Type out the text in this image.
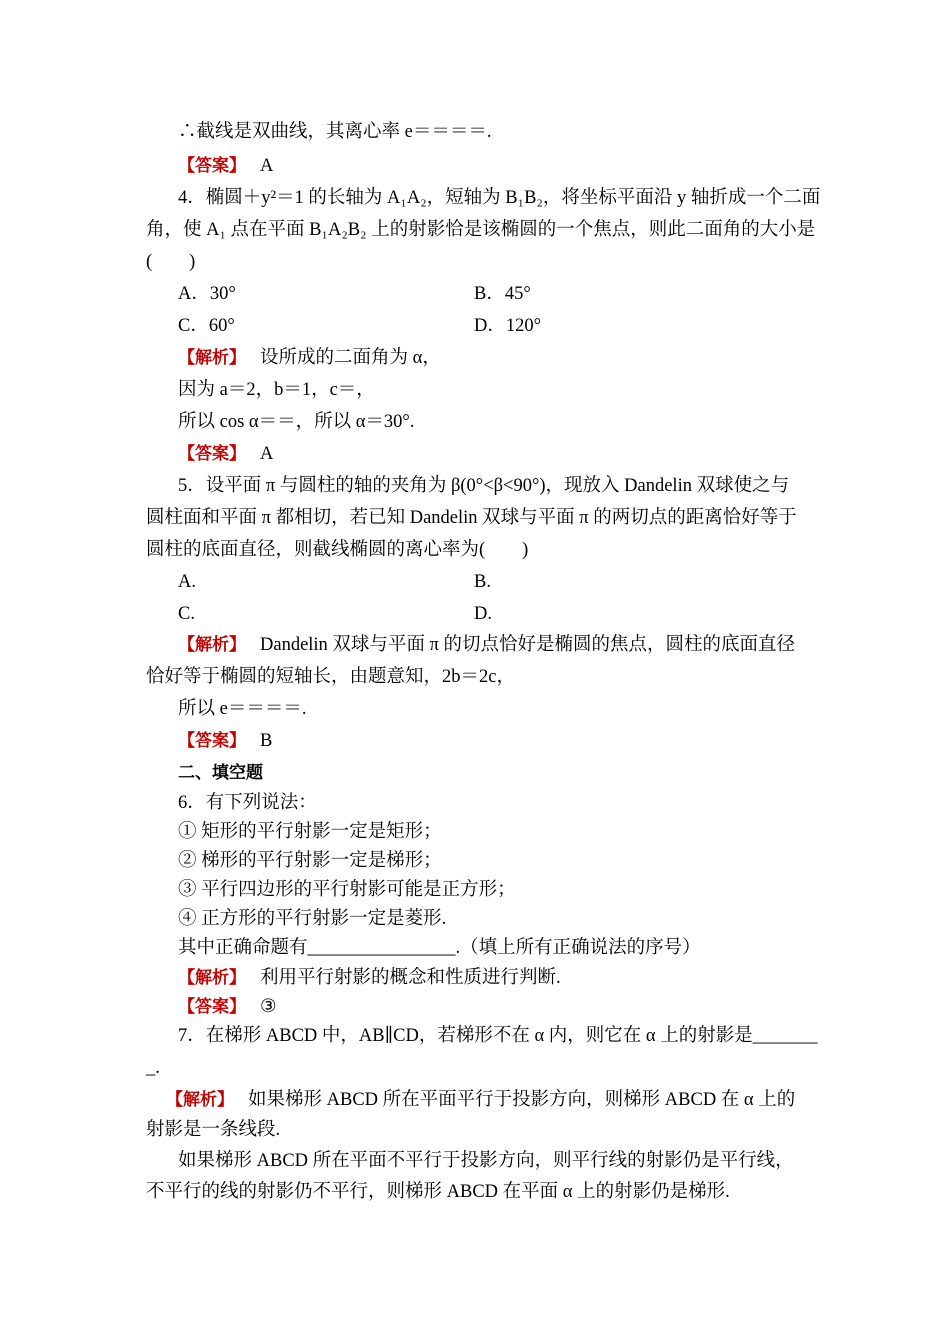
∴截线是双曲线，其离心率 e＝＝＝＝.
【答案】 A
4．椭圆＋y²＝1 的长轴为 A₁A₂，短轴为 B₁B₂，将坐标平面沿 y 轴折成一个二面
角，使 A₁ 点在平面 B₁A₂B₂ 上的射影恰是该椭圆的一个焦点，则此二面角的大小是
(　　)
A．30°	B．45°
C．60°	D．120°
【解析】 设所成的二面角为 α，
因为 a＝2，b＝1，c＝，
所以 cos α＝＝，所以 α＝30°.
【答案】 A
5．设平面 π 与圆柱的轴的夹角为 β(0°<β<90°)，现放入 Dandelin 双球使之与
圆柱面和平面 π 都相切，若已知 Dandelin 双球与平面 π 的两切点的距离恰好等于
圆柱的底面直径，则截线椭圆的离心率为(　　)
A.	B.
C.	D.
【解析】 Dandelin 双球与平面 π 的切点恰好是椭圆的焦点，圆柱的底面直径
恰好等于椭圆的短轴长，由题意知，2b＝2c，
所以 e＝＝＝＝.
【答案】 B
二、填空题
6．有下列说法：
① 矩形的平行射影一定是矩形；
② 梯形的平行射影一定是梯形；
③ 平行四边形的平行射影可能是正方形；
④ 正方形的平行射影一定是菱形.
其中正确命题有________________.（填上所有正确说法的序号）
【解析】 利用平行射影的概念和性质进行判断.
【答案】 ③
7．在梯形 ABCD 中，AB∥CD，若梯形不在 α 内，则它在 α 上的射影是_______
_.
【解析】 如果梯形 ABCD 所在平面平行于投影方向，则梯形 ABCD 在 α 上的
射影是一条线段.
如果梯形 ABCD 所在平面不平行于投影方向，则平行线的射影仍是平行线，
不平行的线的射影仍不平行，则梯形 ABCD 在平面 α 上的射影仍是梯形.
